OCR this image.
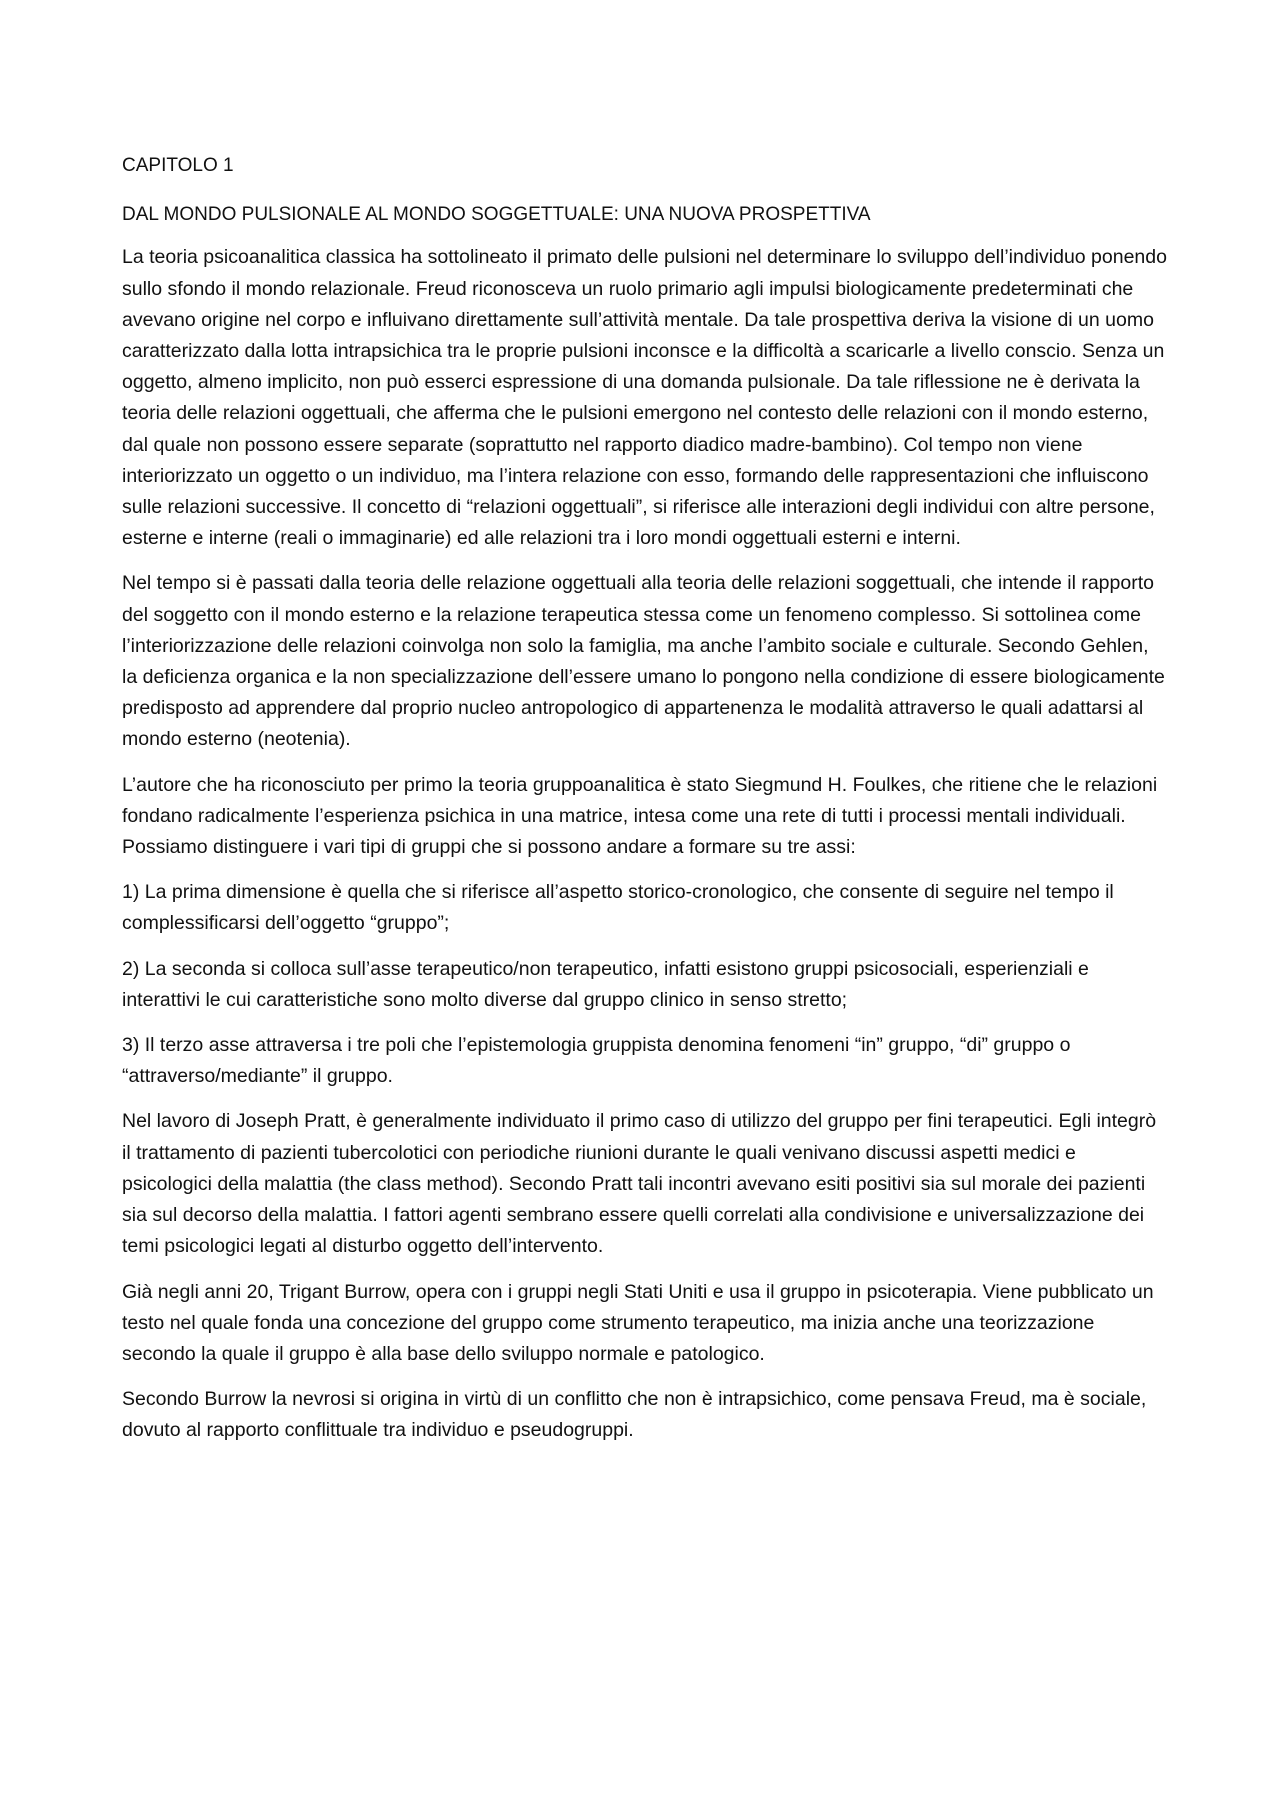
CAPITOLO 1
DAL MONDO PULSIONALE AL MONDO SOGGETTUALE: UNA NUOVA PROSPETTIVA

La teoria psicoanalitica classica ha sottolineato il primato delle pulsioni nel determinare lo sviluppo dell’individuo ponendo sullo sfondo il mondo relazionale. Freud riconosceva un ruolo primario agli impulsi biologicamente predeterminati che avevano origine nel corpo e influivano direttamente sull’attività mentale. Da tale prospettiva deriva la visione di un uomo caratterizzato dalla lotta intrapsichica tra le proprie pulsioni inconsce e la difficoltà a scaricarle a livello conscio. Senza un oggetto, almeno implicito, non può esserci espressione di una domanda pulsionale. Da tale riflessione ne è derivata la teoria delle relazioni oggettuali, che afferma che le pulsioni emergono nel contesto delle relazioni con il mondo esterno, dal quale non possono essere separate (soprattutto nel rapporto diadico madre-bambino). Col tempo non viene interiorizzato un oggetto o un individuo, ma l’intera relazione con esso, formando delle rappresentazioni che influiscono sulle relazioni successive. Il concetto di “relazioni oggettuali”, si riferisce alle interazioni degli individui con altre persone, esterne e interne (reali o immaginarie) ed alle relazioni tra i loro mondi oggettuali esterni e interni.

Nel tempo si è passati dalla teoria delle relazione oggettuali alla teoria delle relazioni soggettuali, che intende il rapporto del soggetto con il mondo esterno e la relazione terapeutica stessa come un fenomeno complesso. Si sottolinea come l’interiorizzazione delle relazioni coinvolga non solo la famiglia, ma anche l’ambito sociale e culturale. Secondo Gehlen, la deficienza organica e la non specializzazione dell’essere umano lo pongono nella condizione di essere biologicamente predisposto ad apprendere dal proprio nucleo antropologico di appartenenza le modalità attraverso le quali adattarsi al mondo esterno (neotenia).

L’autore che ha riconosciuto per primo la teoria gruppoanalitica è stato Siegmund H. Foulkes, che ritiene che le relazioni fondano radicalmente l’esperienza psichica in una matrice, intesa come una rete di tutti i processi mentali individuali. Possiamo distinguere i vari tipi di gruppi che si possono andare a formare su tre assi:

1) La prima dimensione è quella che si riferisce all’aspetto storico-cronologico, che consente di seguire nel tempo il complessificarsi dell’oggetto “gruppo”;

2) La seconda si colloca sull’asse terapeutico/non terapeutico, infatti esistono gruppi psicosociali, esperienziali e interattivi le cui caratteristiche sono molto diverse dal gruppo clinico in senso stretto;

3) Il terzo asse attraversa i tre poli che l’epistemologia gruppista denomina fenomeni “in” gruppo, “di” gruppo o “attraverso/mediante” il gruppo.

Nel lavoro di Joseph Pratt, è generalmente individuato il primo caso di utilizzo del gruppo per fini terapeutici. Egli integrò il trattamento di pazienti tubercolotici con periodiche riunioni durante le quali venivano discussi aspetti medici e psicologici della malattia (the class method). Secondo Pratt tali incontri avevano esiti positivi sia sul morale dei pazienti sia sul decorso della malattia. I fattori agenti sembrano essere quelli correlati alla condivisione e universalizzazione dei temi psicologici legati al disturbo oggetto dell’intervento.

Già negli anni 20, Trigant Burrow, opera con i gruppi negli Stati Uniti e usa il gruppo in psicoterapia. Viene pubblicato un testo nel quale fonda una concezione del gruppo come strumento terapeutico, ma inizia anche una teorizzazione secondo la quale il gruppo è alla base dello sviluppo normale e patologico.

Secondo Burrow la nevrosi si origina in virtù di un conflitto che non è intrapsichico, come pensava Freud, ma è sociale, dovuto al rapporto conflittuale tra individuo e pseudogruppi.
